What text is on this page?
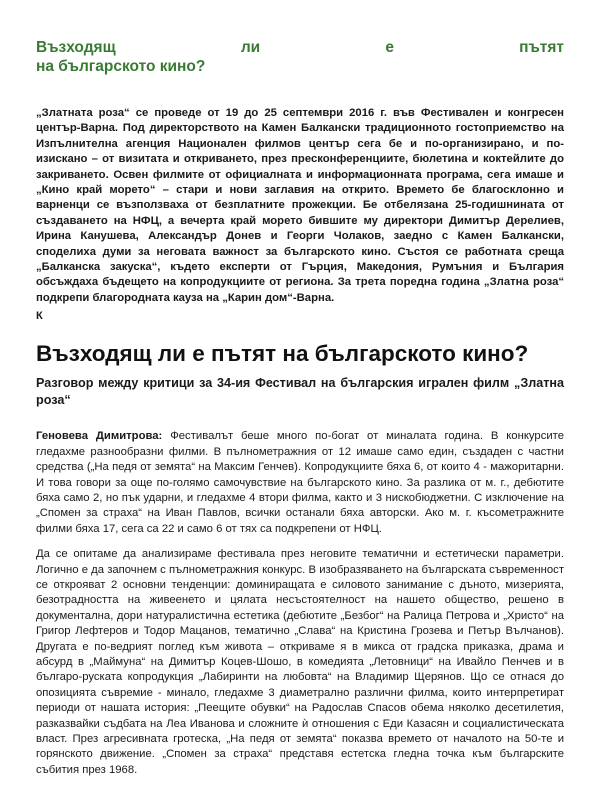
Възходящ	ли	е	пътят
на българското кино?
„Златната роза“ се проведе от 19 до 25 септември 2016 г. във Фестивален и конгресен център-Варна. Под директорството на Камен Балкански традиционното гостоприемство на Изпълнителна агенция Национален филмов център сега бе и по-организирано, и по-изискано – от визитата и откриването, през пресконференциите, бюлетина и коктейлите до закриването. Освен филмите от официалната и информационната програма, сега имаше и „Кино край морето“ – стари и нови заглавия на открито. Времето бе благосклонно и варненци се възползваха от безплатните прожекции. Бе отбелязана 25-годишнината от създаването на НФЦ, а вечерта край морето бившите му директори Димитър Дерелиев, Ирина Канушева, Александър Донев и Георги Чолаков, заедно с Камен Балкански, споделиха думи за неговата важност за българското кино. Състоя се работната среща „Балканска закуска“, където експерти от Гърция, Македония, Румъния и България обсъждаха бъдещето на копродукциите от региона. За трета поредна година „Златна роза“ подкрепи благородната кауза на „Карин дом“-Варна.
К
Възходящ ли е пътят на българското кино?
Разговор между критици за 34-ия Фестивал на българския игрален филм „Златна роза“

Геновева Димитрова: Фестивалът беше много по-богат от миналата година. В конкурсите гледахме разнообразни филми. В пълнометражния от 12 имаше само един, създаден с частни средства („На педя от земята“ на Максим Генчев). Копродукциите бяха 6, от които 4 - мажоритарни. И това говори за още по-голямо самочувствие на българското кино. За разлика от м. г., дебютите бяха само 2, но пък ударни, и гледахме 4 втори филма, както и 3 нискобюджетни. С изключение на „Спомен за страха“ на Иван Павлов, всички останали бяха авторски. Ако м. г. късометражните филми бяха 17, сега са 22 и само 6 от тях са подкрепени от НФЦ.

Да се опитаме да анализираме фестивала през неговите тематични и естетически параметри. Логично е да започнем с пълнометражния конкурс. В изобразяването на българската съвременност се открояват 2 основни тенденции: доминиращата е силовото занимание с дъното, мизерията, безотрадността на живеенето и цялата несъстоятелност на нашето общество, решено в документална, дори натуралистична естетика (дебютите „Безбог“ на Ралица Петрова и „Христо“ на Григор Лефтеров и Тодор Мацанов, тематично „Слава“ на Кристина Грозева и Петър Вълчанов). Другата е по-ведрият поглед към живота – откриваме я в микса от градска приказка, драма и абсурд в „Маймуна“ на Димитър Коцев-Шошо, в комедията „Летовници“ на Ивайло Пенчев и в българо-руската копродукция „Лабиринти на любовта“ на Владимир Щерянов. Що се отнася до опозицията съвремие - минало, гледахме 3 диаметрално различни филма, които интерпретират периоди от нашата история: „Пеещите обувки“ на Радослав Спасов обема няколко десетилетия, разказвайки съдбата на Леа Иванова и сложните ѝ отношения с Еди Казасян и социалистическата власт. През агресивната гротеска, „На педя от земята“ показва времето от началото на 50-те и горянското движение. „Спомен за страха“ представя естетска гледна точка към българските събития през 1968.
